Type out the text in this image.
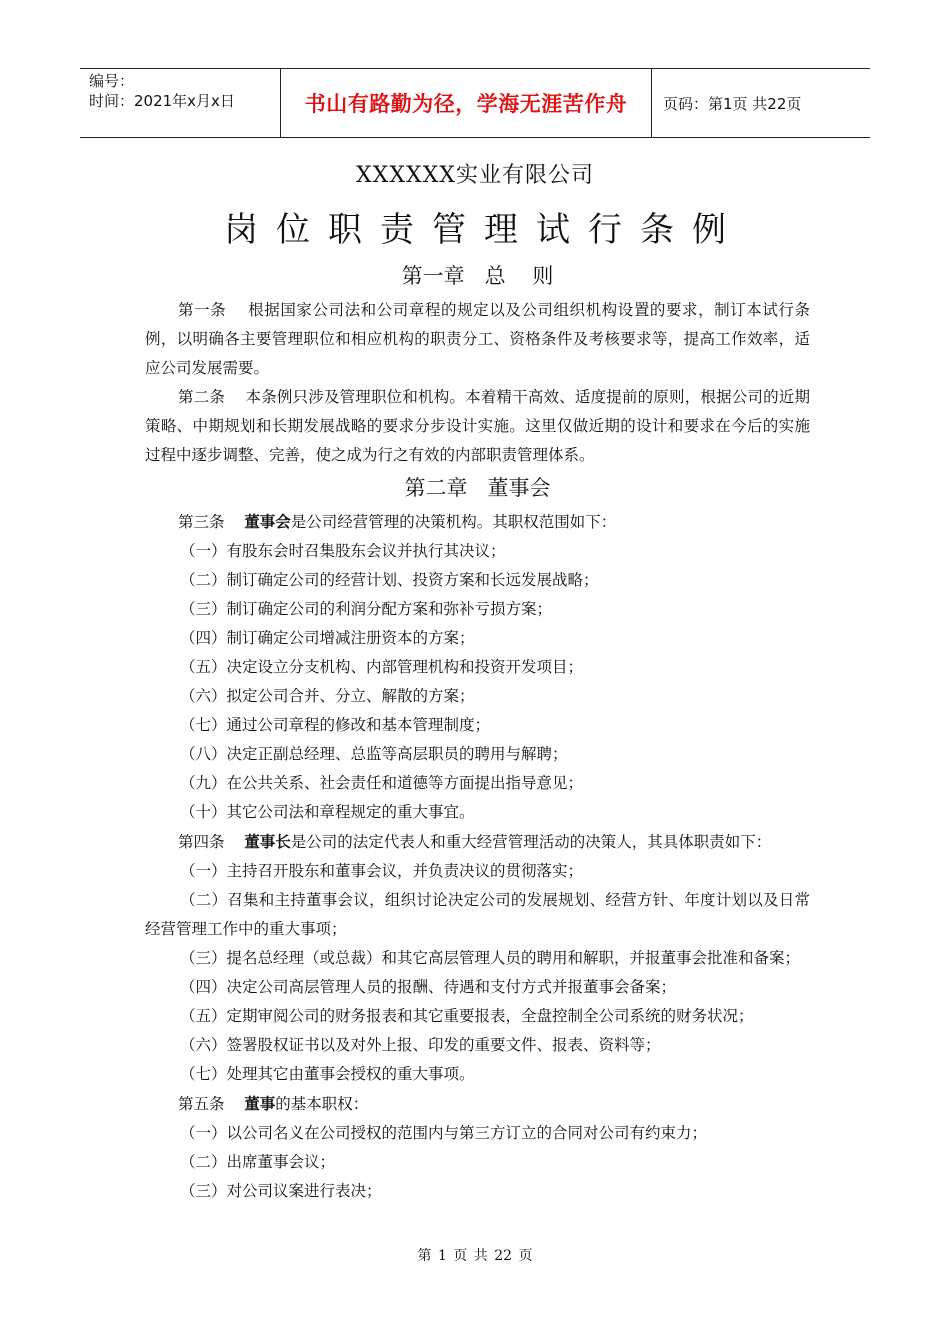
编号：
时间：2021年x月x日	书山有路勤为径，学海无涯苦作舟	页码：第1页 共22页
XXXXXX实业有限公司
岗位职责管理试行条例
第一章   总    则

第一条    根据国家公司法和公司章程的规定以及公司组织机构设置的要求，制订本试行条例，以明确各主要管理职位和相应机构的职责分工、资格条件及考核要求等，提高工作效率，适应公司发展需要。

第二条    本条例只涉及管理职位和机构。本着精干高效、适度提前的原则，根据公司的近期策略、中期规划和长期发展战略的要求分步设计实施。这里仅做近期的设计和要求在今后的实施过程中逐步调整、完善，使之成为行之有效的内部职责管理体系。

第二章   董事会

第三条    董事会是公司经营管理的决策机构。其职权范围如下：

（一）有股东会时召集股东会议并执行其决议；

（二）制订确定公司的经营计划、投资方案和长远发展战略；

（三）制订确定公司的利润分配方案和弥补亏损方案；

（四）制订确定公司增减注册资本的方案；

（五）决定设立分支机构、内部管理机构和投资开发项目；

（六）拟定公司合并、分立、解散的方案；

（七）通过公司章程的修改和基本管理制度；

（八）决定正副总经理、总监等高层职员的聘用与解聘；

（九）在公共关系、社会责任和道德等方面提出指导意见；

（十）其它公司法和章程规定的重大事宜。

第四条    董事长是公司的法定代表人和重大经营管理活动的决策人，其具体职责如下：

（一）主持召开股东和董事会议，并负责决议的贯彻落实；

（二）召集和主持董事会议，组织讨论决定公司的发展规划、经营方针、年度计划以及日常经营管理工作中的重大事项；

（三）提名总经理（或总裁）和其它高层管理人员的聘用和解职，并报董事会批准和备案；

（四）决定公司高层管理人员的报酬、待遇和支付方式并报董事会备案；

（五）定期审阅公司的财务报表和其它重要报表，全盘控制全公司系统的财务状况；

（六）签署股权证书以及对外上报、印发的重要文件、报表、资料等；

（七）处理其它由董事会授权的重大事项。

第五条    董事的基本职权：

（一）以公司名义在公司授权的范围内与第三方订立的合同对公司有约束力；

（二）出席董事会议；

（三）对公司议案进行表决；

第 1 页 共 22 页
